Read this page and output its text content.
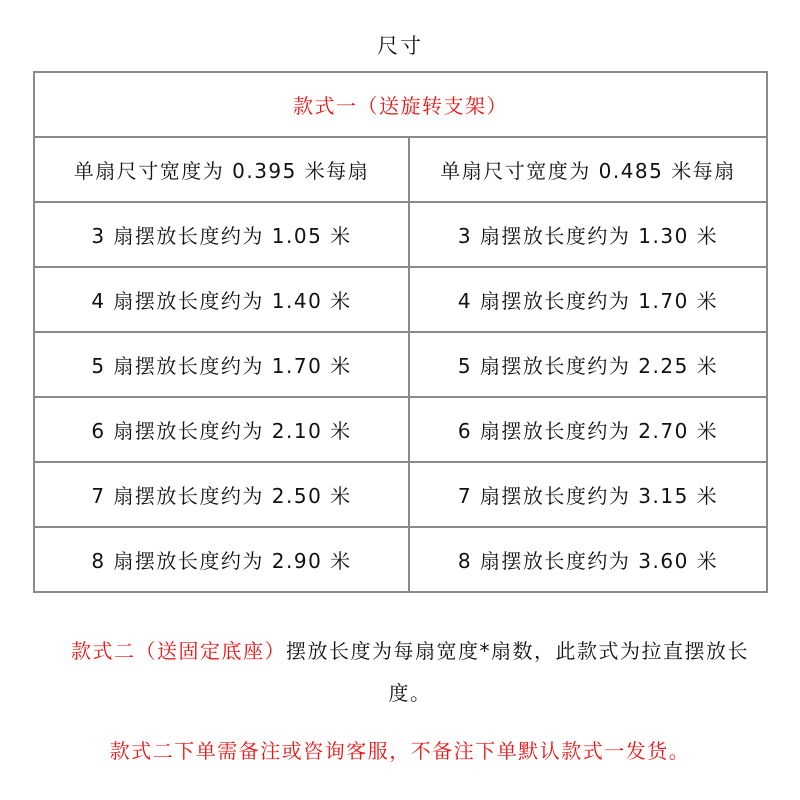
尺寸
款式一（送旋转支架）	
单扇尺寸宽度为 0.395 米每扇	单扇尺寸宽度为 0.485 米每扇
3 扇摆放长度约为 1.05 米	3 扇摆放长度约为 1.30 米
4 扇摆放长度约为 1.40 米	4 扇摆放长度约为 1.70 米
5 扇摆放长度约为 1.70 米	5 扇摆放长度约为 2.25 米
6 扇摆放长度约为 2.10 米	6 扇摆放长度约为 2.70 米
7 扇摆放长度约为 2.50 米	7 扇摆放长度约为 3.15 米
8 扇摆放长度约为 2.90 米	8 扇摆放长度约为 3.60 米
款式二（送固定底座）摆放长度为每扇宽度*扇数，此款式为拉直摆放长度。
款式二下单需备注或咨询客服，不备注下单默认款式一发货。
